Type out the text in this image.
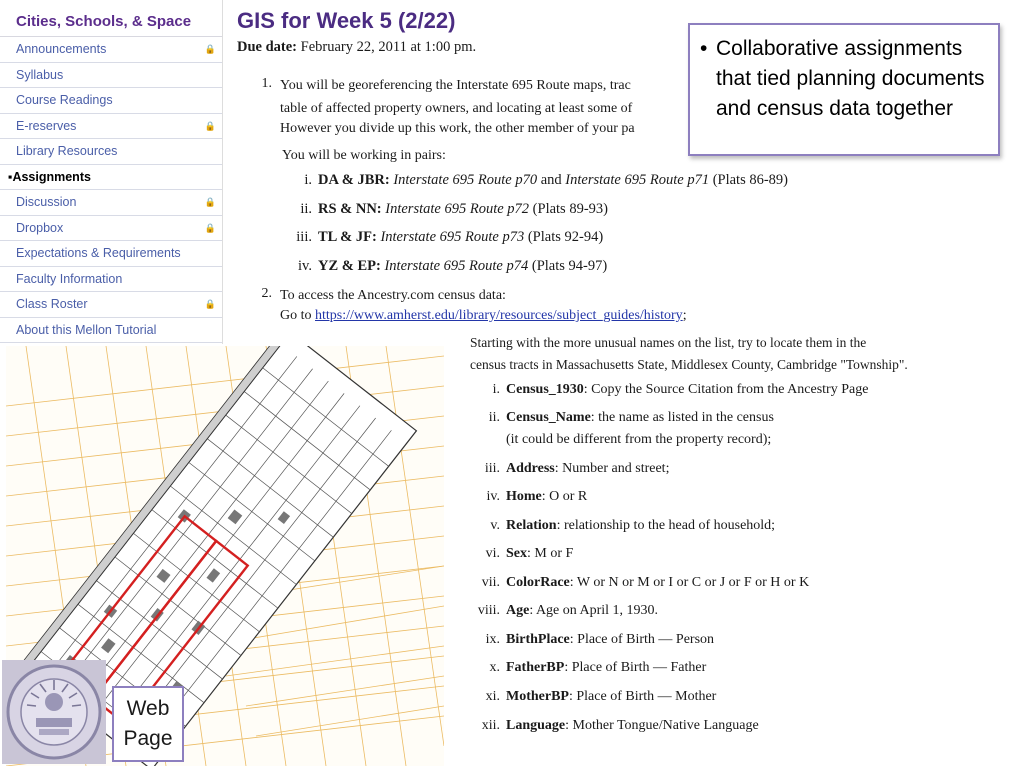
Cities, Schools, & Space
Announcements	🔒
Syllabus
Course Readings
E-reserves	🔒
Library Resources
▪Assignments
Discussion	🔒
Dropbox	🔒
Expectations & Requirements
Faculty Information
Class Roster	🔒
About this Mellon Tutorial
GIS for Week 5 (2/22)
Due date: February 22, 2011 at 1:00 pm.
1. You will be georeferencing the Interstate 695 Route maps, trac
table of affected property owners, and locating at least some of
However you divide up this work, the other member of your pa
You will be working in pairs:
i. DA & JBR: Interstate 695 Route p70 and Interstate 695 Route p71 (Plats 86-89)
ii. RS & NN: Interstate 695 Route p72 (Plats 89-93)
iii. TL & JF: Interstate 695 Route p73 (Plats 92-94)
iv. YZ & EP: Interstate 695 Route p74 (Plats 94-97)
2. To access the Ancestry.com census data:
Go to https://www.amherst.edu/library/resources/subject_guides/history;
Starting with the more unusual names on the list, try to locate them in the
census tracts in Massachusetts State, Middlesex County, Cambridge "Township".
i. Census_1930: Copy the Source Citation from the Ancestry Page
ii. Census_Name: the name as listed in the census
(it could be different from the property record);
iii. Address: Number and street;
iv. Home: O or R
v. Relation: relationship to the head of household;
vi. Sex: M or F
vii. ColorRace: W or N or M or I or C or J or F or H or K
viii. Age: Age on April 1, 1930.
ix. BirthPlace: Place of Birth — Person
x. FatherBP: Place of Birth — Father
xi. MotherBP: Place of Birth — Mother
xii. Language: Mother Tongue/Native Language
• Collaborative assignments that tied planning documents and census data together
Web
Page
